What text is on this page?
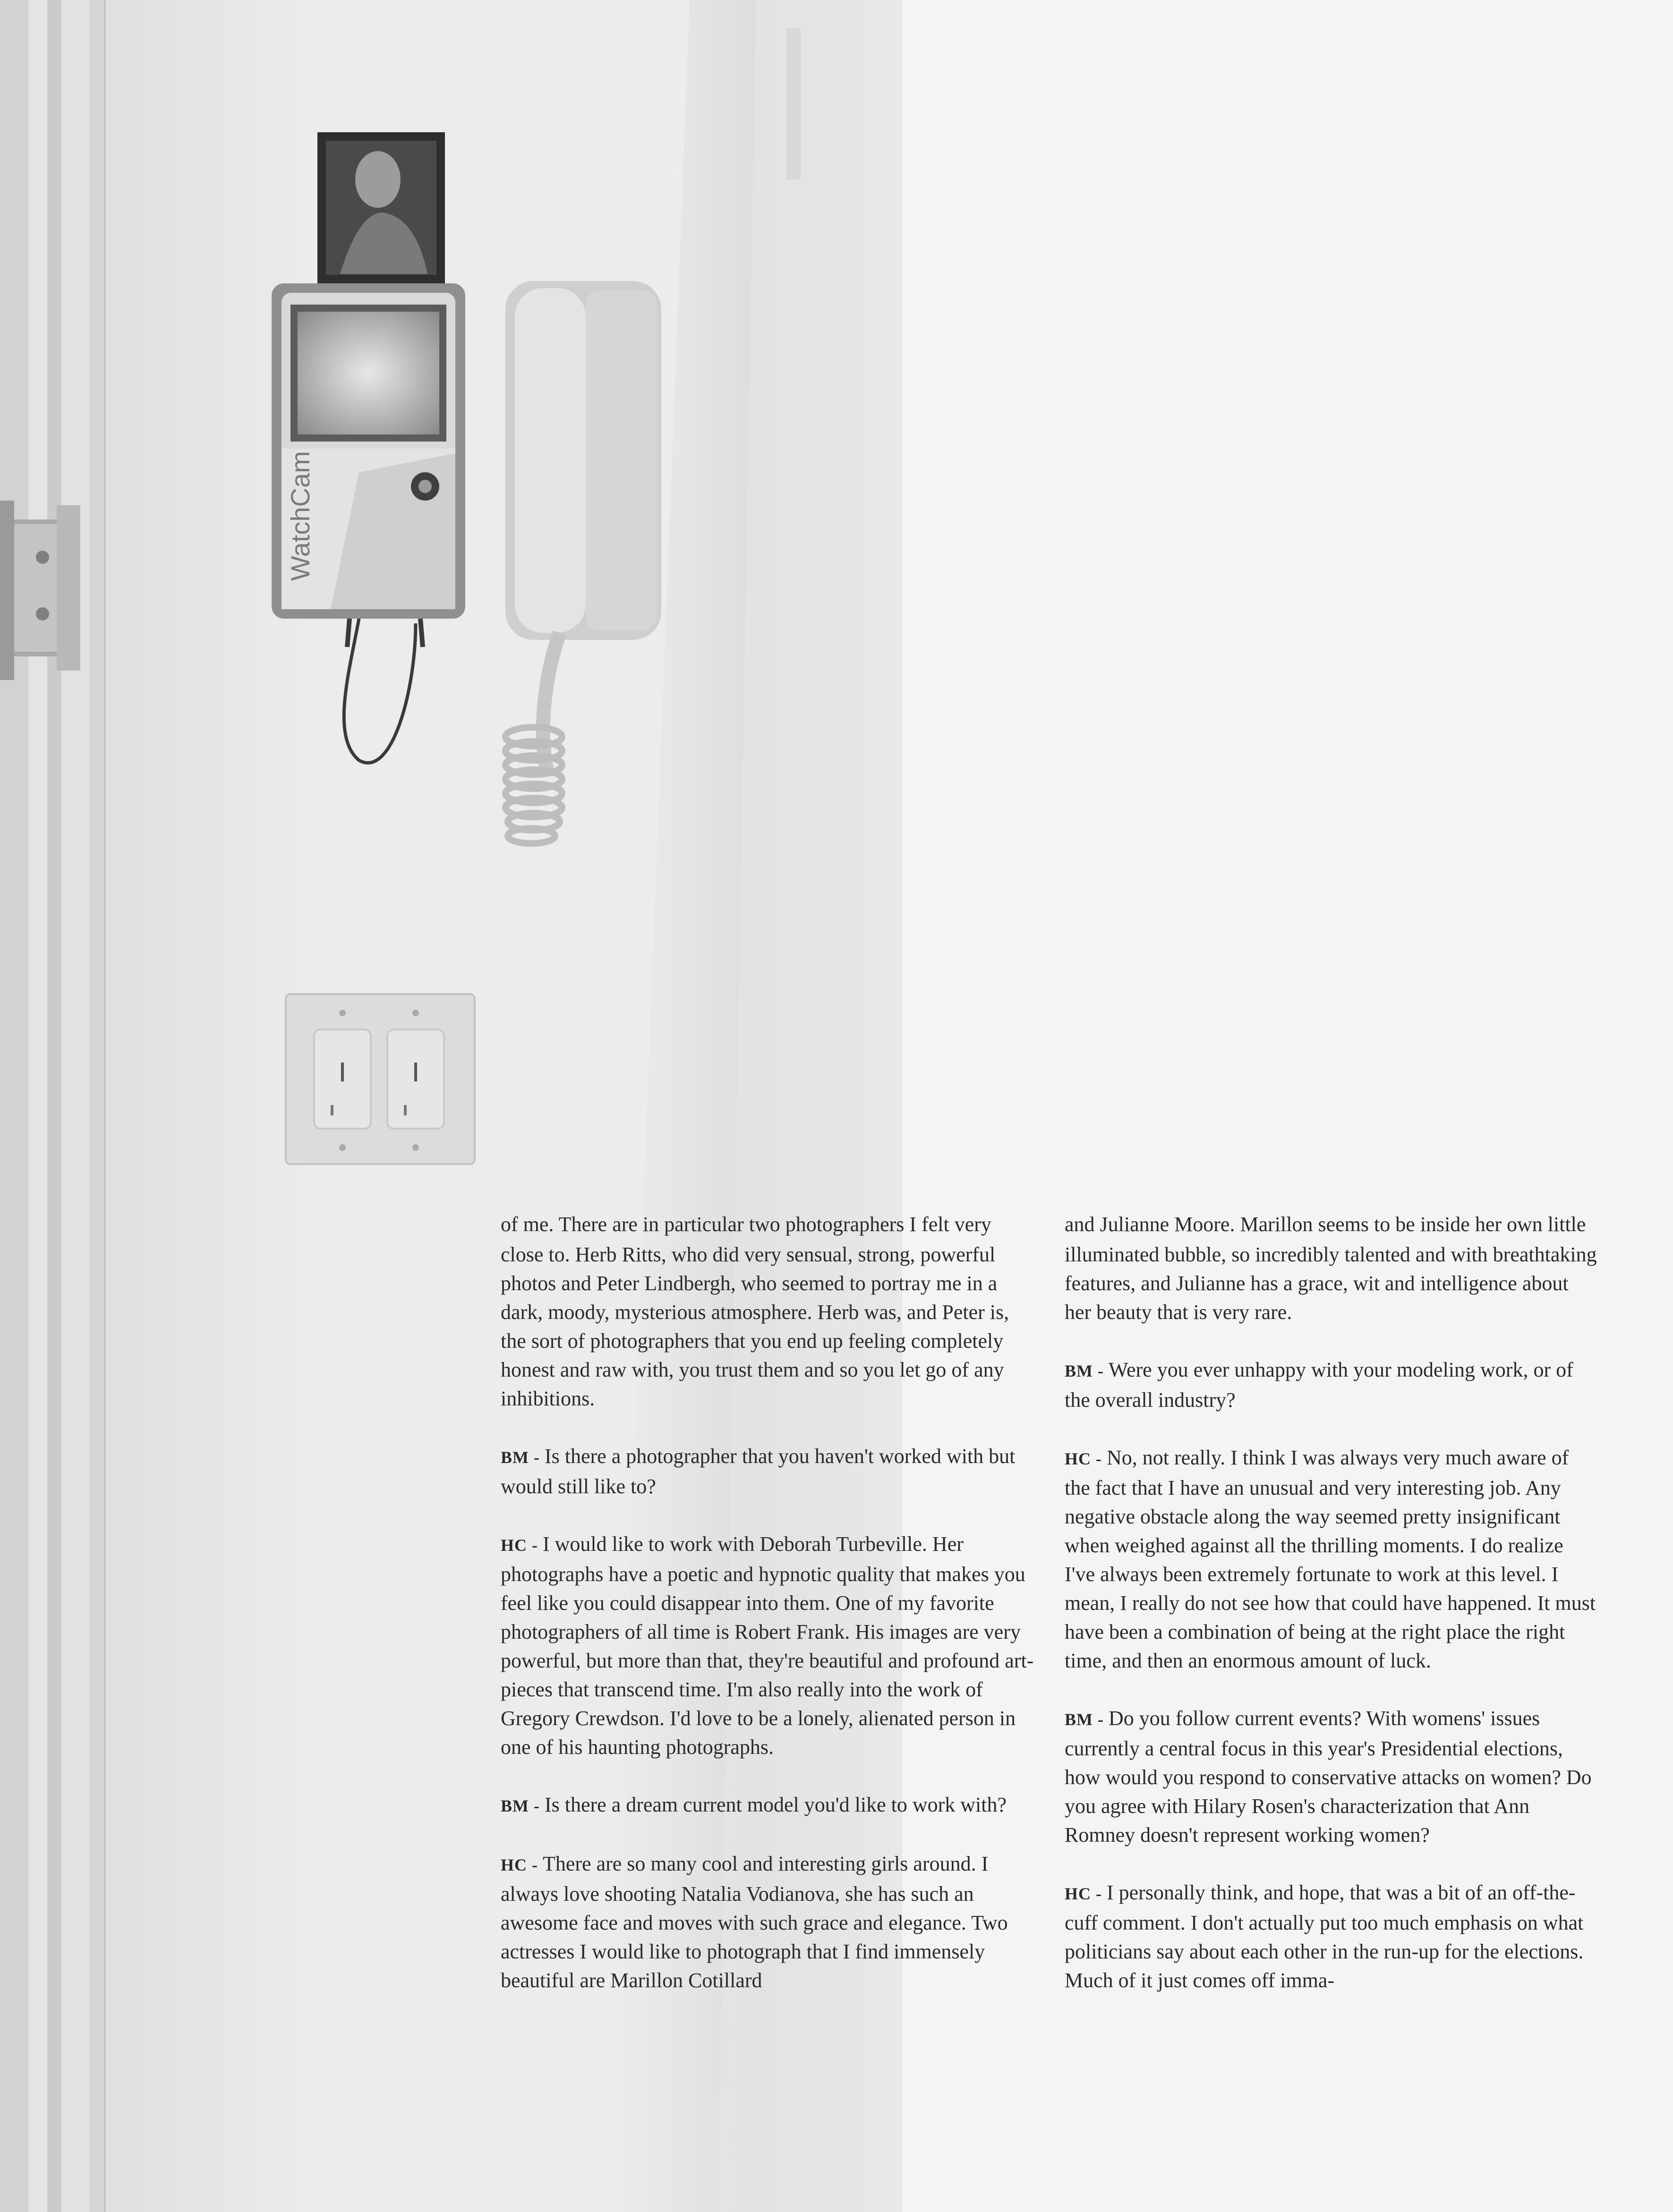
WatchCam

of me. There are in particular two photographers I felt very close to. Herb Ritts, who did very sensual, strong, powerful photos and Peter Lindbergh, who seemed to portray me in a dark, moody, mysterious atmosphere. Herb was, and Peter is, the sort of photographers that you end up feeling completely honest and raw with, you trust them and so you let go of any inhibitions.

BM - Is there a photographer that you haven't worked with but would still like to?

HC - I would like to work with Deborah Turbeville. Her photographs have a poetic and hypnotic quality that makes you feel like you could disappear into them. One of my favorite photographers of all time is Robert Frank. His images are very powerful, but more than that, they're beautiful and profound art-pieces that transcend time. I'm also really into the work of Gregory Crewdson. I'd love to be a lonely, alienated person in one of his haunting photographs.

BM - Is there a dream current model you'd like to work with?

HC - There are so many cool and interesting girls around. I always love shooting Natalia Vodianova, she has such an awesome face and moves with such grace and elegance. Two actresses I would like to photograph that I find immensely beautiful are Marillon Cotillard

and Julianne Moore. Marillon seems to be inside her own little illuminated bubble, so incredibly talented and with breathtaking features, and Julianne has a grace, wit and intelligence about her beauty that is very rare.

BM - Were you ever unhappy with your modeling work, or of the overall industry?

HC - No, not really. I think I was always very much aware of the fact that I have an unusual and very interesting job. Any negative obstacle along the way seemed pretty insignificant when weighed against all the thrilling moments. I do realize I've always been extremely fortunate to work at this level. I mean, I really do not see how that could have happened. It must have been a combination of being at the right place the right time, and then an enormous amount of luck.

BM - Do you follow current events? With womens' issues currently a central focus in this year's Presidential elections, how would you respond to conservative attacks on women? Do you agree with Hilary Rosen's characterization that Ann Romney doesn't represent working women?

HC - I personally think, and hope, that was a bit of an off-the-cuff comment. I don't actually put too much emphasis on what politicians say about each other in the run-up for the elections. Much of it just comes off imma-
